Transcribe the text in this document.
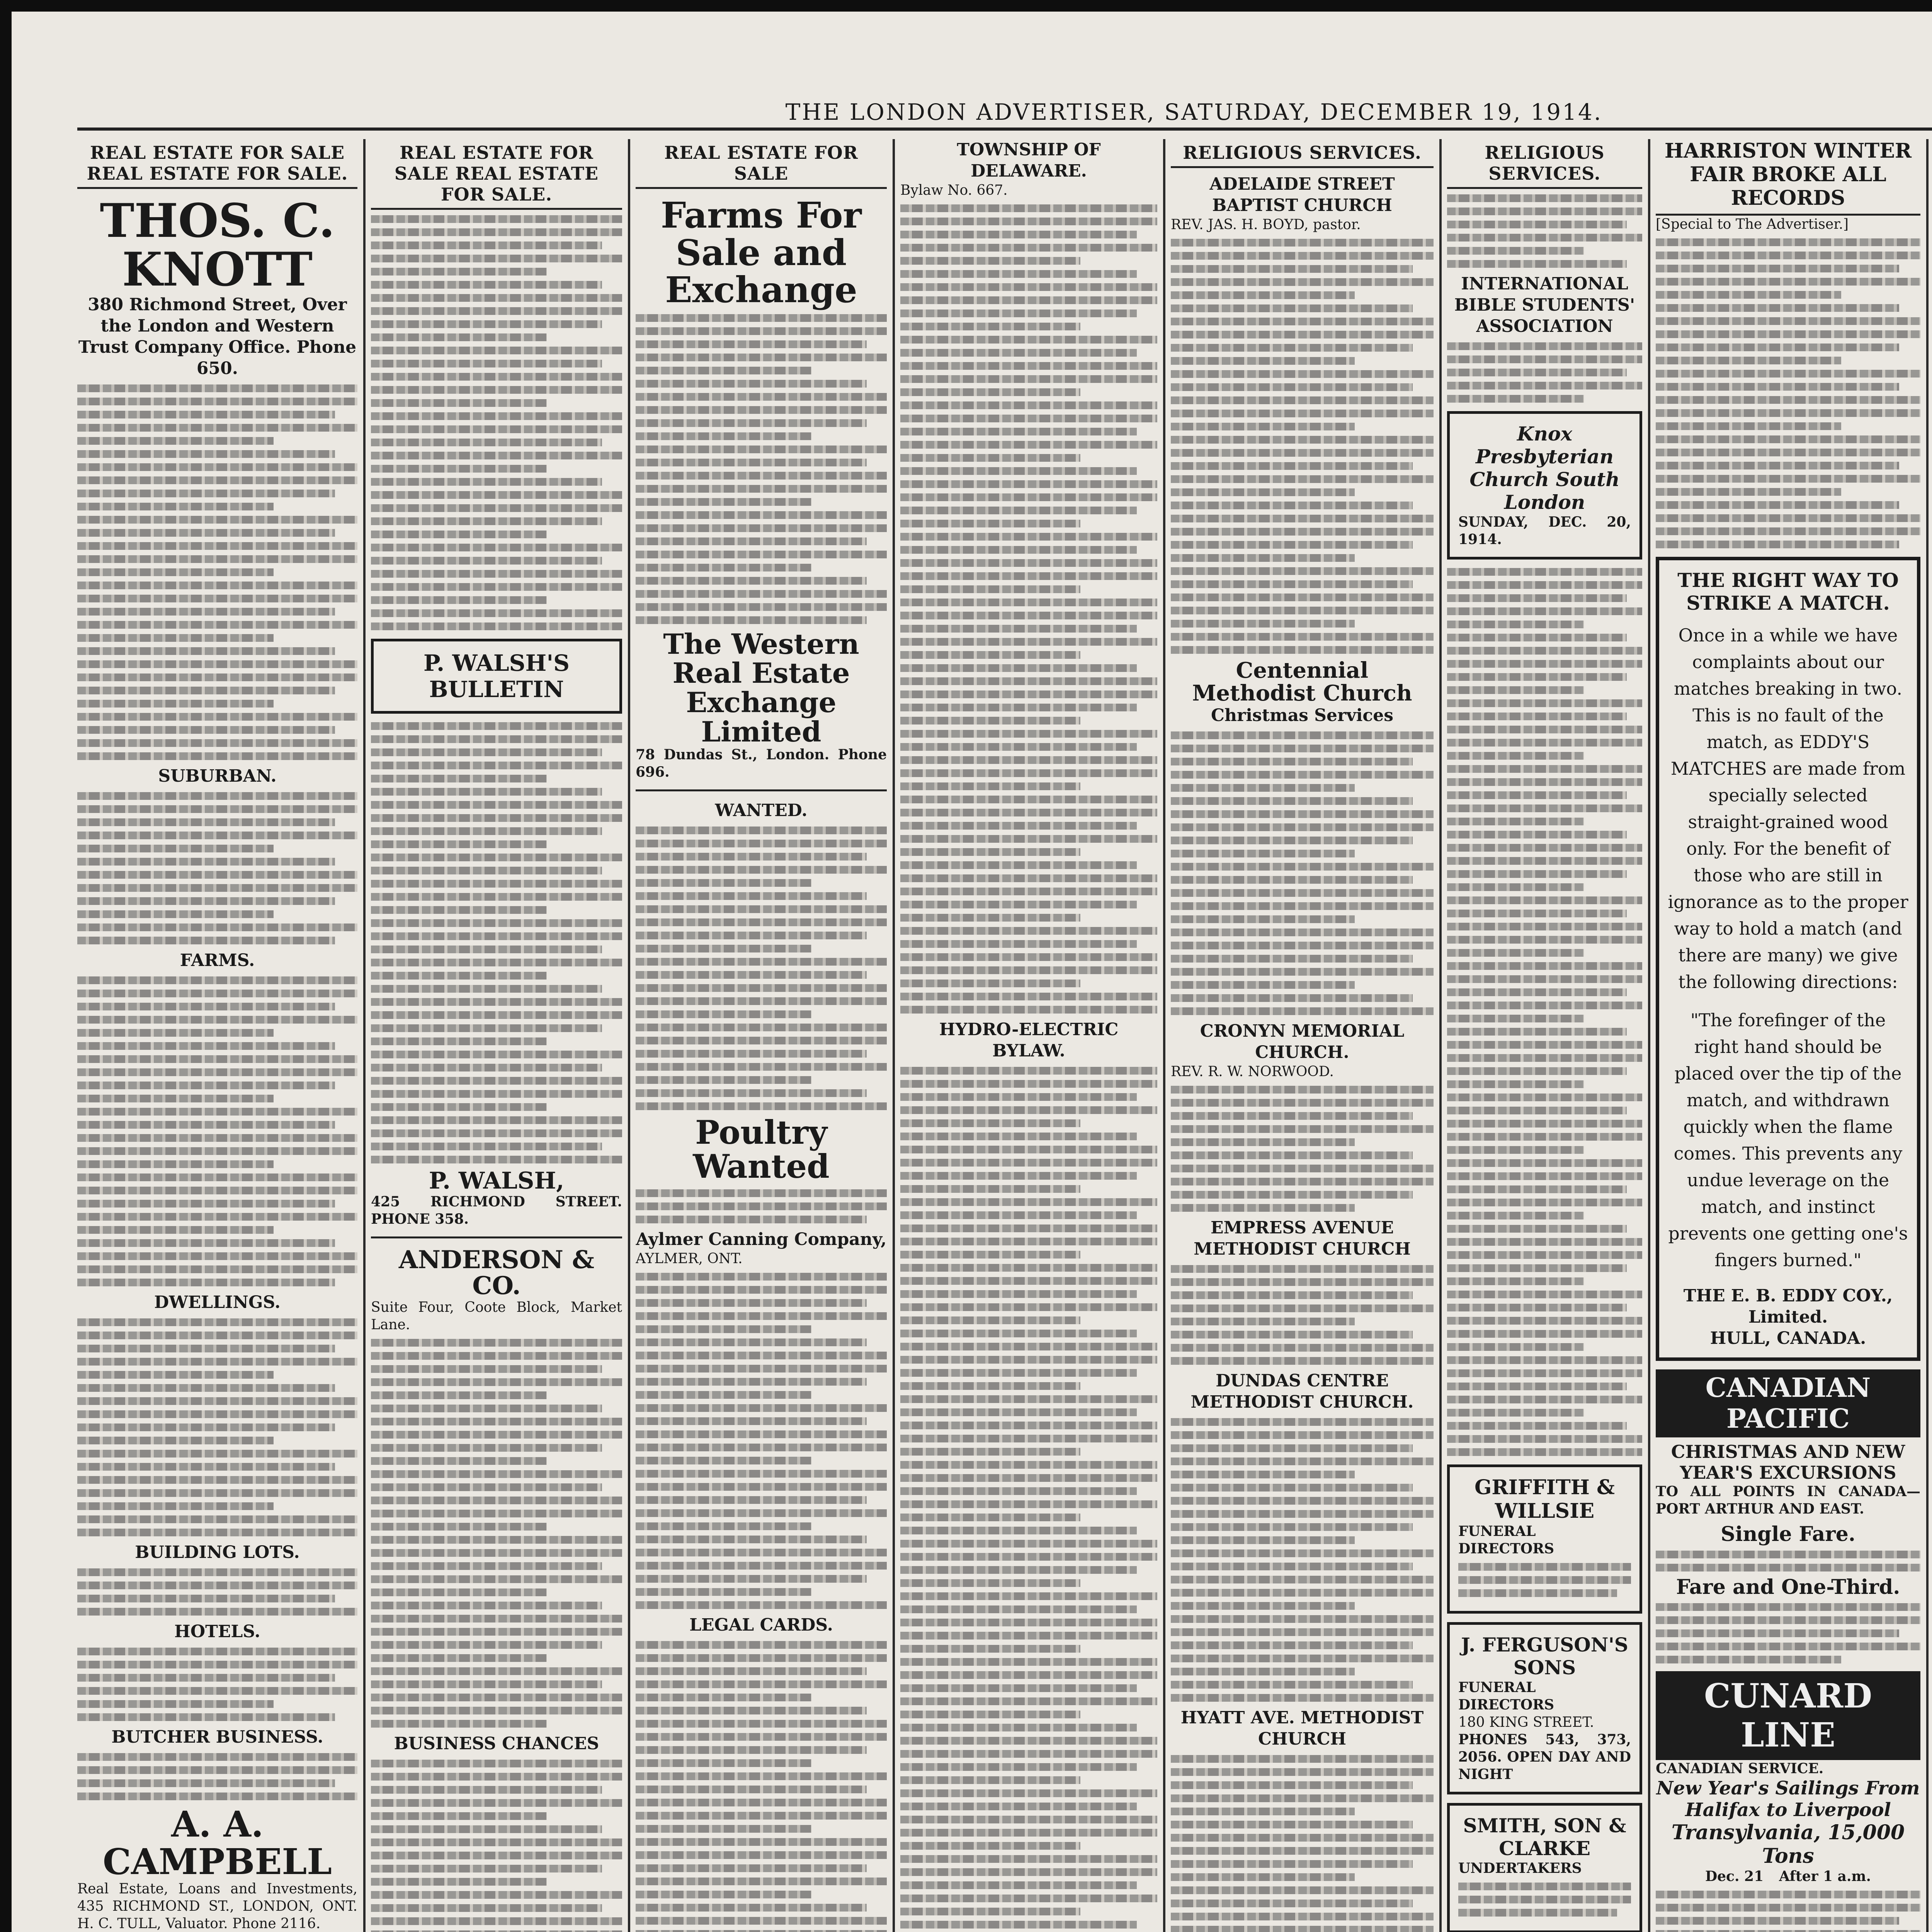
THE LONDON ADVERTISER, SATURDAY, DECEMBER 19, 1914.
REAL ESTATE FOR SALE REAL ESTATE FOR SALE.
THOS. C. KNOTT
380 Richmond Street, Over the London and Western Trust Company Office. Phone 650.
SUBURBAN.
FARMS.
DWELLINGS.
BUILDING LOTS.
HOTELS.
BUTCHER BUSINESS.
A. A. CAMPBELL
Real Estate, Loans and Investments, 435 RICHMOND ST., LONDON, ONT. H. C. TULL, Valuator. Phone 2116.
REAL ESTATE FOR SALE REAL ESTATE FOR SALE.
P. WALSH'S BULLETIN
P. WALSH,
425 RICHMOND STREET. PHONE 358.
ANDERSON & CO.
Suite Four, Coote Block, Market Lane.
BUSINESS CHANCES
REAL ESTATE FOR SALE
Farms For Sale and Exchange
The Western Real Estate Exchange Limited
78 Dundas St., London. Phone 696.
WANTED.
Poultry Wanted
Aylmer Canning Company,
AYLMER, ONT.
LEGAL CARDS.
TOWNSHIP OF DELAWARE.
Bylaw No. 667.
HYDRO-ELECTRIC BYLAW.
RELIGIOUS SERVICES.
ADELAIDE STREET BAPTIST CHURCH
REV. JAS. H. BOYD, pastor.
Centennial Methodist Church
Christmas Services
CRONYN MEMORIAL CHURCH.
REV. R. W. NORWOOD.
EMPRESS AVENUE METHODIST CHURCH
DUNDAS CENTRE METHODIST CHURCH.
HYATT AVE. METHODIST CHURCH
RELIGIOUS SERVICES.
INTERNATIONAL BIBLE STUDENTS' ASSOCIATION
Knox Presbyterian Church South London
SUNDAY, DEC. 20, 1914.
GRIFFITH & WILLSIE
FUNERAL DIRECTORS
J. FERGUSON'S SONS
FUNERAL DIRECTORS
180 KING STREET.
PHONES 543, 373, 2056. OPEN DAY AND NIGHT
SMITH, SON & CLARKE
UNDERTAKERS
HARRISTON WINTER FAIR BROKE ALL RECORDS
[Special to The Advertiser.]
THE RIGHT WAY TO STRIKE A MATCH.
Once in a while we have complaints about our matches breaking in two. This is no fault of the match, as EDDY'S MATCHES are made from specially selected straight-grained wood only. For the benefit of those who are still in ignorance as to the proper way to hold a match (and there are many) we give the following directions:
"The forefinger of the right hand should be placed over the tip of the match, and withdrawn quickly when the flame comes. This prevents any undue leverage on the match, and instinct prevents one getting one's fingers burned."
THE E. B. EDDY COY., Limited.
HULL, CANADA.
CANADIAN PACIFIC
CHRISTMAS AND NEW YEAR'S EXCURSIONS
TO ALL POINTS IN CANADA—PORT ARTHUR AND EAST.
Single Fare.
Fare and One-Third.
CUNARD LINE
CANADIAN SERVICE.
New Year's Sailings From Halifax to Liverpool
Transylvania, 15,000 Tons
Dec. 21 After 1 a.m.
